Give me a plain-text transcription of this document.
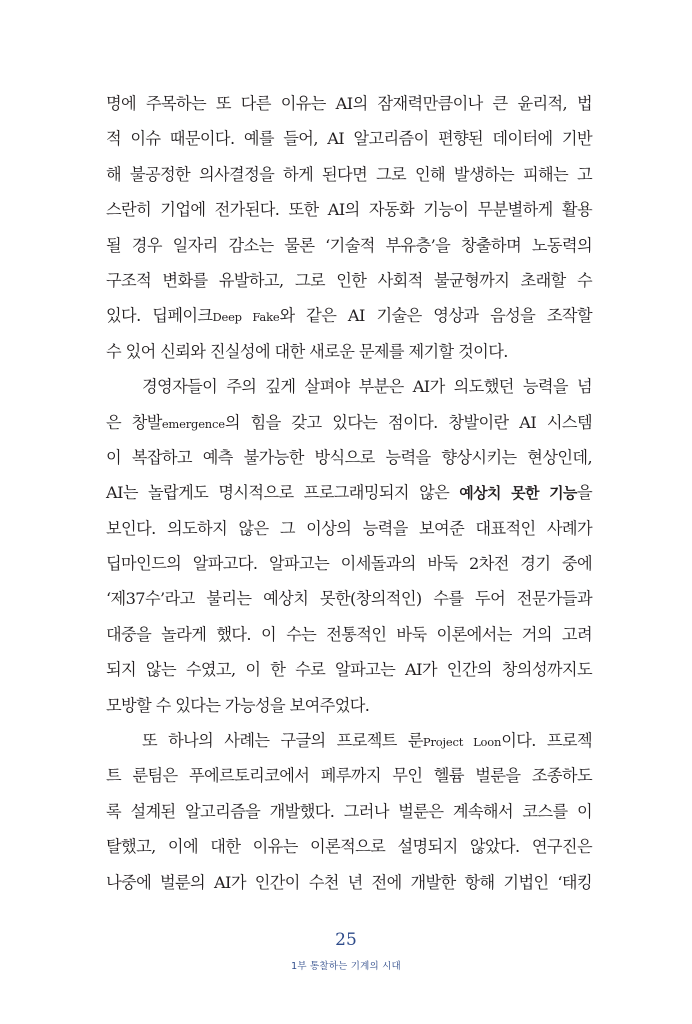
명에 주목하는 또 다른 이유는 AI의 잠재력만큼이나 큰 윤리적, 법
적 이슈 때문이다. 예를 들어, AI 알고리즘이 편향된 데이터에 기반
해 불공정한 의사결정을 하게 된다면 그로 인해 발생하는 피해는 고
스란히 기업에 전가된다. 또한 AI의 자동화 기능이 무분별하게 활용
될 경우 일자리 감소는 물론 ‘기술적 부유층’을 창출하며 노동력의
구조적 변화를 유발하고, 그로 인한 사회적 불균형까지 초래할 수
있다. 딥페이크Deep Fake와 같은 AI 기술은 영상과 음성을 조작할
수 있어 신뢰와 진실성에 대한 새로운 문제를 제기할 것이다.
경영자들이 주의 깊게 살펴야 부분은 AI가 의도했던 능력을 넘
은 창발emergence의 힘을 갖고 있다는 점이다. 창발이란 AI 시스템
이 복잡하고 예측 불가능한 방식으로 능력을 향상시키는 현상인데,
AI는 놀랍게도 명시적으로 프로그래밍되지 않은 예상치 못한 기능을
보인다. 의도하지 않은 그 이상의 능력을 보여준 대표적인 사례가
딥마인드의 알파고다. 알파고는 이세돌과의 바둑 2차전 경기 중에
‘제37수’라고 불리는 예상치 못한(창의적인) 수를 두어 전문가들과
대중을 놀라게 했다. 이 수는 전통적인 바둑 이론에서는 거의 고려
되지 않는 수였고, 이 한 수로 알파고는 AI가 인간의 창의성까지도
모방할 수 있다는 가능성을 보여주었다.
또 하나의 사례는 구글의 프로젝트 룬Project Loon이다. 프로젝
트 룬팀은 푸에르토리코에서 페루까지 무인 헬륨 벌룬을 조종하도
록 설계된 알고리즘을 개발했다. 그러나 벌룬은 계속해서 코스를 이
탈했고, 이에 대한 이유는 이론적으로 설명되지 않았다. 연구진은
나중에 벌룬의 AI가 인간이 수천 년 전에 개발한 항해 기법인 ‘태킹
25
1부 통찰하는 기계의 시대
